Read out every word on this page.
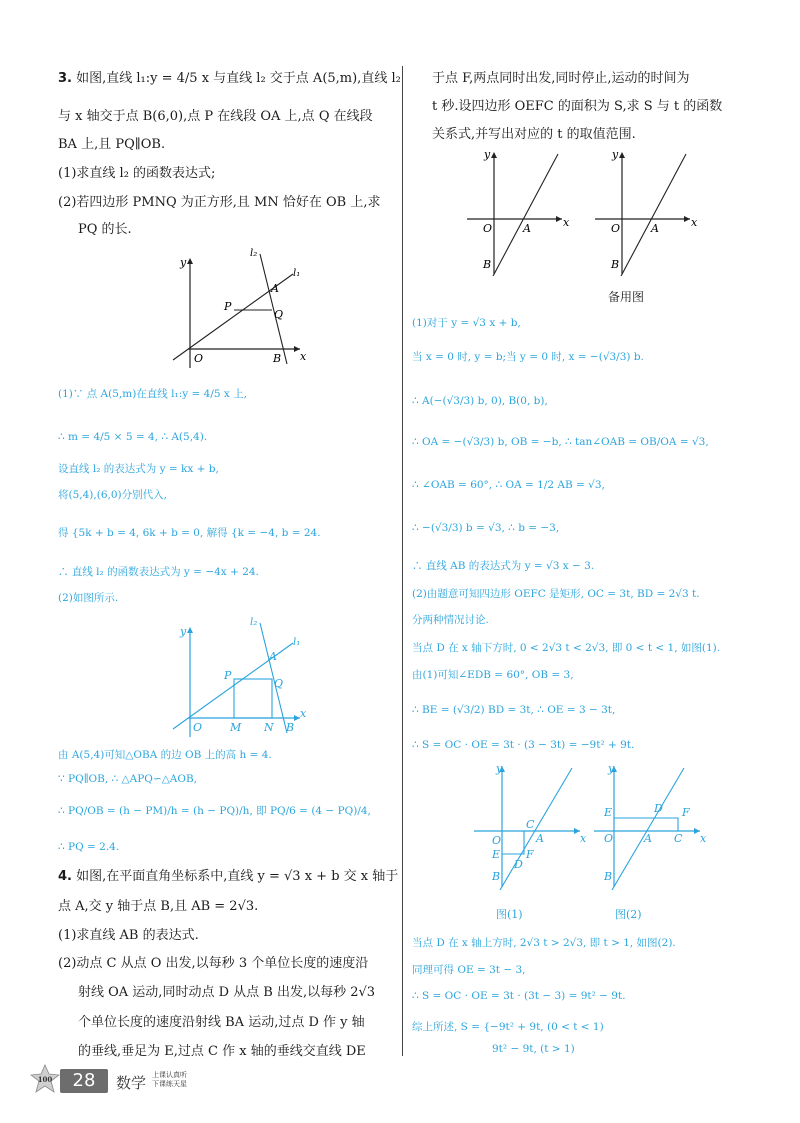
3. 如图,直线 l₁:y = 4/5 x 与直线 l₂ 交于点 A(5,m),直线 l₂
与 x 轴交于点 B(6,0),点 P 在线段 OA 上,点 Q 在线段
BA 上,且 PQ∥OB.
(1)求直线 l₂ 的函数表达式;
(2)若四边形 PMNQ 为正方形,且 MN 恰好在 OB 上,求
PQ 的长.
y
x
O	B
A
P
Q
l₁
l₂
(1)∵ 点 A(5,m)在直线 l₁:y = 4/5 x 上,
∴ m = 4/5 × 5 = 4, ∴ A(5,4).
设直线 l₂ 的表达式为 y = kx + b,
将(5,4),(6,0)分别代入,
得 {5k + b = 4, 6k + b = 0, 解得 {k = −4, b = 24.
∴ 直线 l₂ 的函数表达式为 y = −4x + 24.
(2)如图所示.
y
x
O	M N B
A
P
Q
l₁
l₂
由 A(5,4)可知△OBA 的边 OB 上的高 h = 4.
∵ PQ∥OB, ∴ △APQ∽△AOB,
∴ PQ/OB = (h − PM)/h = (h − PQ)/h, 即 PQ/6 = (4 − PQ)/4,
∴ PQ = 2.4.
4. 如图,在平面直角坐标系中,直线 y = √3 x + b 交 x 轴于
点 A,交 y 轴于点 B,且 AB = 2√3.
(1)求直线 AB 的表达式.
(2)动点 C 从点 O 出发,以每秒 3 个单位长度的速度沿
射线 OA 运动,同时动点 D 从点 B 出发,以每秒 2√3
个单位长度的速度沿射线 BA 运动,过点 D 作 y 轴
的垂线,垂足为 E,过点 C 作 x 轴的垂线交直线 DE
于点 F,两点同时出发,同时停止,运动的时间为
t 秒.设四边形 OEFC 的面积为 S,求 S 与 t 的函数
关系式,并写出对应的 t 的取值范围.
y
x
O	A
B
y
x
O	A
B
备用图
(1)对于 y = √3 x + b,
当 x = 0 时, y = b;当 y = 0 时, x = −(√3/3) b.
∴ A(−(√3/3) b, 0), B(0, b),
∴ OA = −(√3/3) b, OB = −b, ∴ tan∠OAB = OB/OA = √3,
∴ ∠OAB = 60°, ∴ OA = 1/2 AB = √3,
∴ −(√3/3) b = √3, ∴ b = −3,
∴ 直线 AB 的表达式为 y = √3 x − 3.
(2)由题意可知四边形 OEFC 是矩形, OC = 3t, BD = 2√3 t.
分两种情况讨论.
当点 D 在 x 轴下方时, 0 < 2√3 t < 2√3, 即 0 < t < 1, 如图(1).
由(1)可知∠EDB = 60°, OB = 3,
∴ BE = (√3/2) BD = 3t, ∴ OE = 3 − 3t,
∴ S = OC · OE = 3t · (3 − 3t) = −9t² + 9t.
y
x
O
C
A
E F
D
B
y
x
O
E	D F
A C
B
图(1)	图(2)
当点 D 在 x 轴上方时, 2√3 t > 2√3, 即 t > 1, 如图(2).
同理可得 OE = 3t − 3,
∴ S = OC · OE = 3t · (3t − 3) = 9t² − 9t.
综上所述, S = {−9t² + 9t, (0 < t < 1)
9t² − 9t, (t > 1)
100	28	数学 上课认真听
下课练天星
